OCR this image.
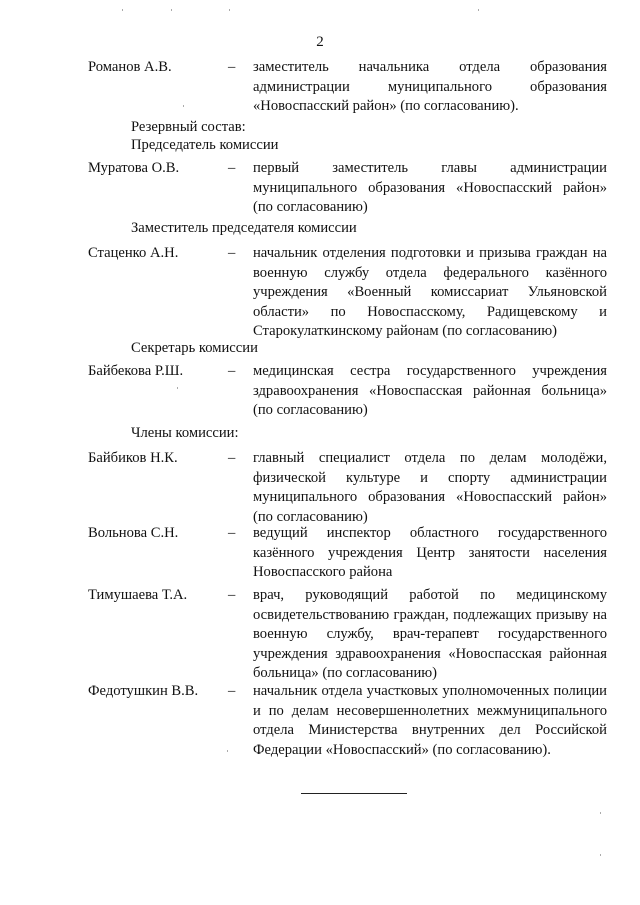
2
Романов А.В.	– заместитель начальника отдела образования администрации муниципального образования «Новоспасский район» (по согласованию).
Резервный состав:
Председатель комиссии
Муратова О.В.	– первый заместитель главы администрации муниципального образования «Новоспасский район» (по согласованию)
Заместитель председателя комиссии
Стаценко А.Н.	– начальник отделения подготовки и призыва граждан на военную службу отдела федерального казённого учреждения «Военный комиссариат Ульяновской области» по Новоспасскому, Радищевскому и Старокулаткинскому районам (по согласованию)
Секретарь комиссии
Байбекова Р.Ш.	– медицинская сестра государственного учреждения здравоохранения «Новоспасская районная больница» (по согласованию)
Члены комиссии:
Байбиков Н.К.	– главный специалист отдела по делам молодёжи, физической культуре и спорту администрации муниципального образования «Новоспасский район» (по согласованию)
Вольнова С.Н.	– ведущий инспектор областного государственного казённого учреждения Центр занятости населения Новоспасского района
Тимушаева Т.А.	– врач, руководящий работой по медицинскому освидетельствованию граждан, подлежащих призыву на военную службу, врач-терапевт государственного учреждения здравоохранения «Новоспасская районная больница» (по согласованию)
Федотушкин В.В. – начальник отдела участковых уполномоченных полиции и по делам несовершеннолетних межмуниципального отдела Министерства внутренних дел Российской Федерации «Новоспасский» (по согласованию).
